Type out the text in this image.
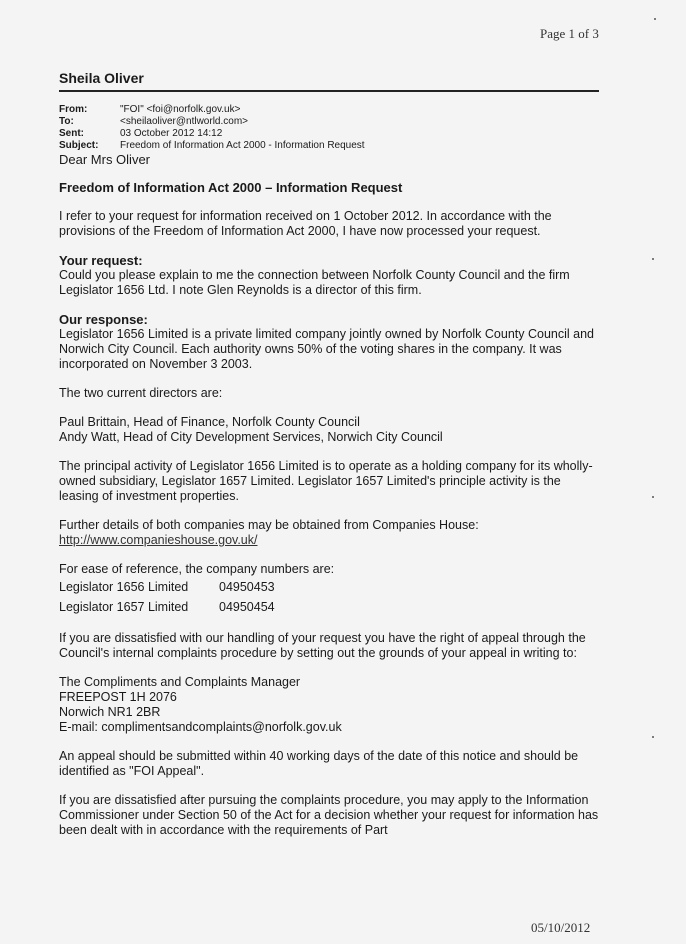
Page 1 of 3
Sheila Oliver
From:	"FOI" <foi@norfolk.gov.uk>
To:	<sheilaoliver@ntlworld.com>
Sent:	03 October 2012 14:12
Subject:	Freedom of Information Act 2000 - Information Request
Dear Mrs Oliver
Freedom of Information Act 2000 – Information Request

I refer to your request for information received on 1 October 2012. In accordance with the provisions of the Freedom of Information Act 2000, I have now processed your request.

Your request:

Could you please explain to me the connection between Norfolk County Council and the firm Legislator 1656 Ltd. I note Glen Reynolds is a director of this firm.

Our response:

Legislator 1656 Limited is a private limited company jointly owned by Norfolk County Council and Norwich City Council. Each authority owns 50% of the voting shares in the company. It was incorporated on November 3 2003.

The two current directors are:

Paul Brittain, Head of Finance, Norfolk County Council
Andy Watt, Head of City Development Services, Norwich City Council

The principal activity of Legislator 1656 Limited is to operate as a holding company for its wholly-owned subsidiary, Legislator 1657 Limited. Legislator 1657 Limited's principle activity is the leasing of investment properties.

Further details of both companies may be obtained from Companies House:
http://www.companieshouse.gov.uk/

For ease of reference, the company numbers are:
Legislator 1656 Limited	04950453
Legislator 1657 Limited	04950454

If you are dissatisfied with our handling of your request you have the right of appeal through the Council's internal complaints procedure by setting out the grounds of your appeal in writing to:

The Compliments and Complaints Manager
FREEPOST 1H 2076
Norwich NR1 2BR
E-mail: complimentsandcomplaints@norfolk.gov.uk

An appeal should be submitted within 40 working days of the date of this notice and should be identified as "FOI Appeal".

If you are dissatisfied after pursuing the complaints procedure, you may apply to the Information Commissioner under Section 50 of the Act for a decision whether your request for information has been dealt with in accordance with the requirements of Part

05/10/2012
